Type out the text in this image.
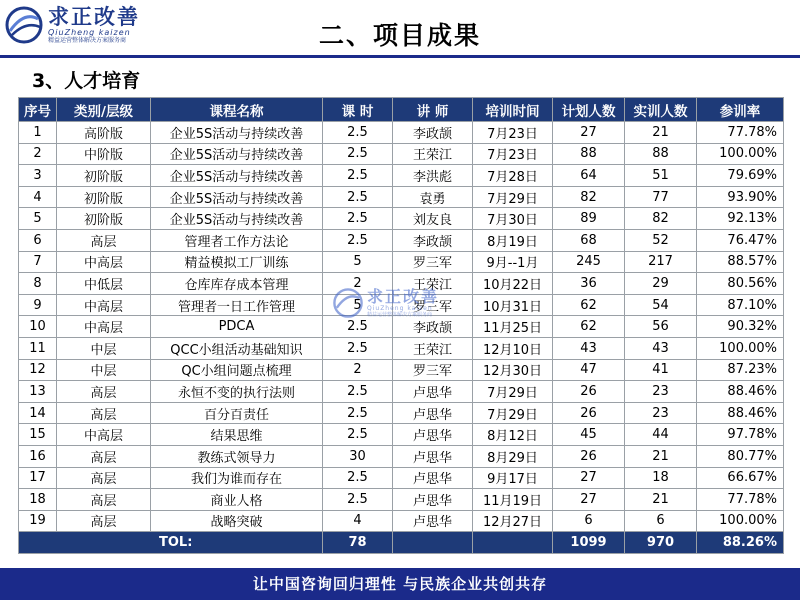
求正改善
QiuZheng kaizen
精益运营整体解决方案服务商	二、项目成果
3、人才培育
序号	类别/层级	课程名称	课 时	讲 师	培训时间	计划人数	实训人数	参训率
1	高阶版	企业5S活动与持续改善	2.5	李政颉	7月23日	27	21	77.78%
2	中阶版	企业5S活动与持续改善	2.5	王荣江	7月23日	88	88	100.00%
3	初阶版	企业5S活动与持续改善	2.5	李洪彪	7月28日	64	51	79.69%
4	初阶版	企业5S活动与持续改善	2.5	袁勇	7月29日	82	77	93.90%
5	初阶版	企业5S活动与持续改善	2.5	刘友良	7月30日	89	82	92.13%
6	高层	管理者工作方法论	2.5	李政颉	8月19日	68	52	76.47%
7	中高层	精益模拟工厂训练	5	罗三军	9月--1月	245	217	88.57%
8	中低层	仓库库存成本管理	2	王荣江	10月22日	36	29	80.56%
9	中高层	管理者一日工作管理	5	罗三军	10月31日	62	54	87.10%
10	中高层	PDCA	2.5	李政颉	11月25日	62	56	90.32%
11	中层	QCC小组活动基础知识	2.5	王荣江	12月10日	43	43	100.00%
12	中层	QC小组问题点梳理	2	罗三军	12月30日	47	41	87.23%
13	高层	永恒不变的执行法则	2.5	卢思华	7月29日	26	23	88.46%
14	高层	百分百责任	2.5	卢思华	7月29日	26	23	88.46%
15	中高层	结果思维	2.5	卢思华	8月12日	45	44	97.78%
16	高层	教练式领导力	30	卢思华	8月29日	26	21	80.77%
17	高层	我们为谁而存在	2.5	卢思华	9月17日	27	18	66.67%
18	高层	商业人格	2.5	卢思华	11月19日	27	21	77.78%
19	高层	战略突破	4	卢思华	12月27日	6	6	100.00%
TOL:			78			1099	970	88.26%
求正改善
QiuZheng kaizen
精益运营整体解决方案服务商
让中国咨询回归理性 与民族企业共创共存
